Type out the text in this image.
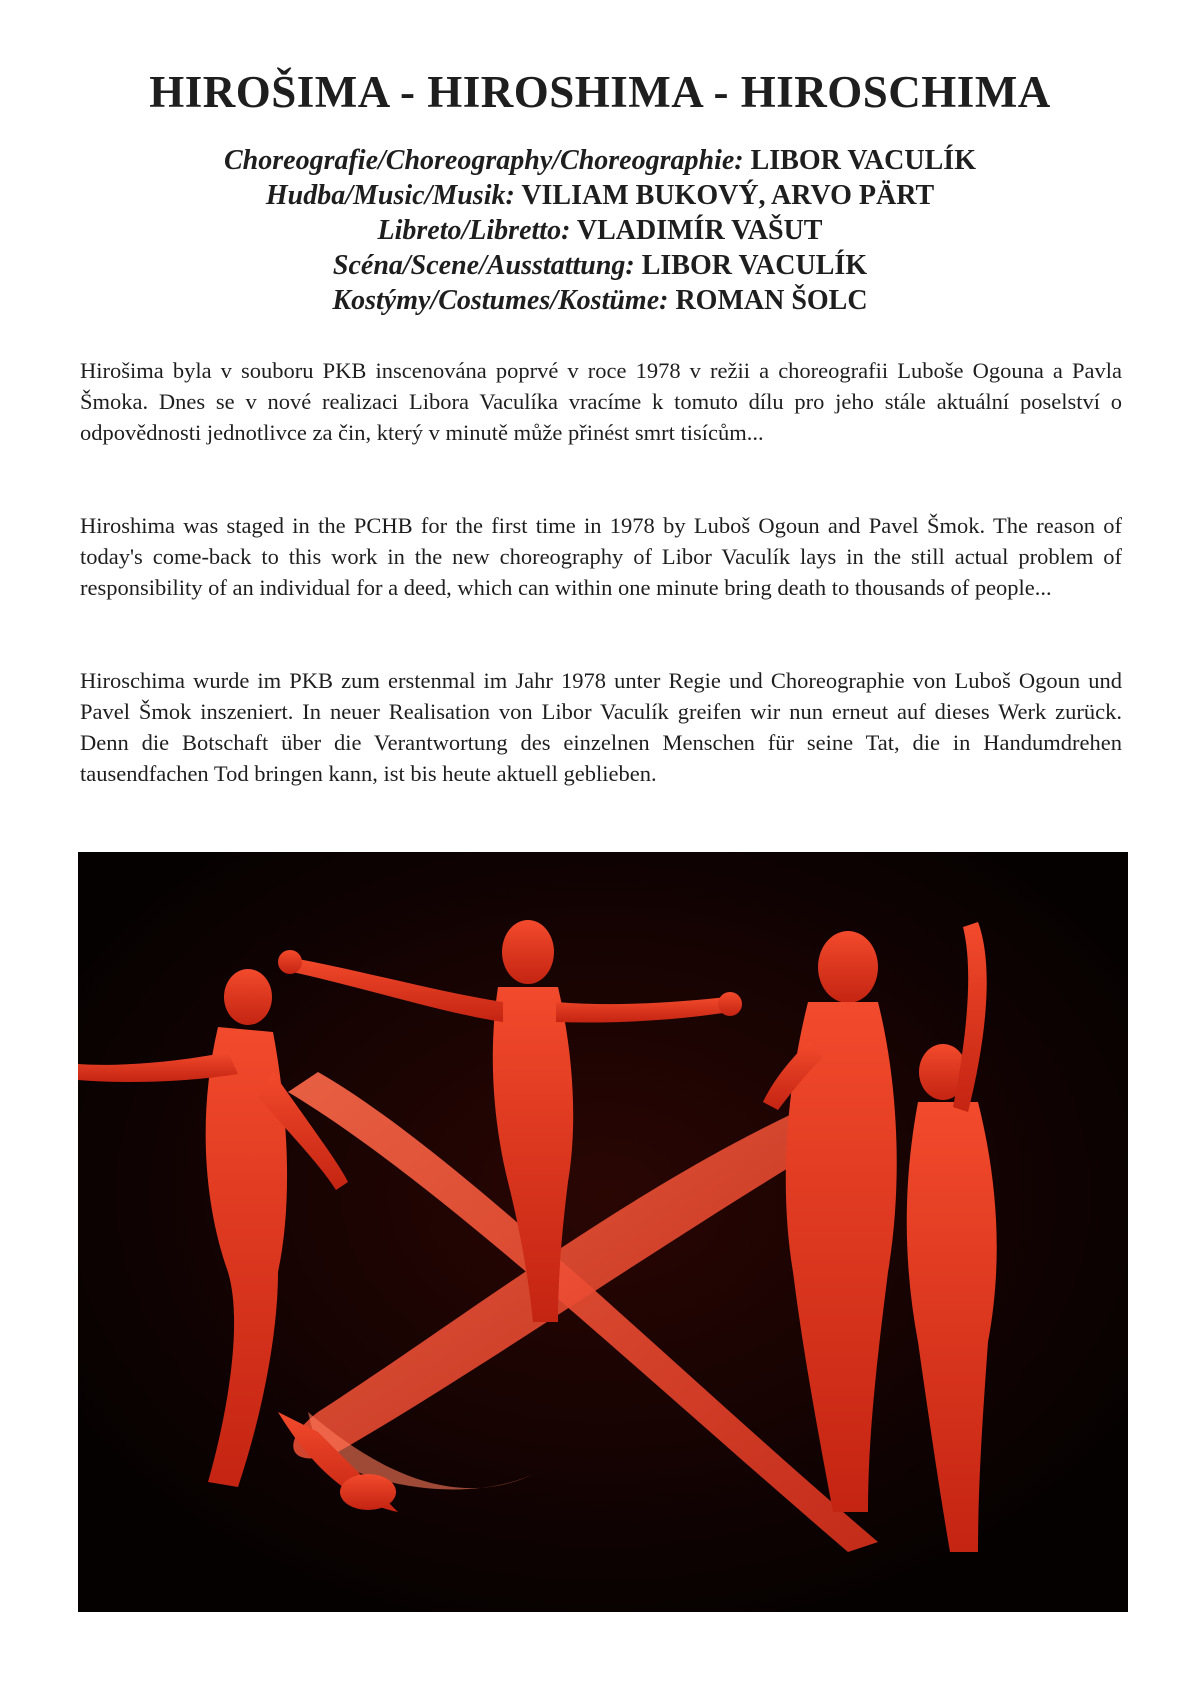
HIROŠIMA - HIROSHIMA - HIROSCHIMA
Choreografie/Choreography/Choreographie: LIBOR VACULÍK
Hudba/Music/Musik: VILIAM BUKOVÝ, ARVO PÄRT
Libreto/Libretto: VLADIMÍR VAŠUT
Scéna/Scene/Ausstattung: LIBOR VACULÍK
Kostýmy/Costumes/Kostüme: ROMAN ŠOLC

Hirošima byla v souboru PKB inscenována poprvé v roce 1978 v režii a choreografii Luboše Ogouna a Pavla Šmoka. Dnes se v nové realizaci Libora Vaculíka vracíme k tomuto dílu pro jeho stále aktuální poselství o odpovědnosti jednotlivce za čin, který v minutě může přinést smrt tisícům...

Hiroshima was staged in the PCHB for the first time in 1978 by Luboš Ogoun and Pavel Šmok. The reason of today's come-back to this work in the new choreography of Libor Vaculík lays in the still actual problem of responsibility of an individual for a deed, which can within one minute bring death to thousands of people...

Hiroschima wurde im PKB zum erstenmal im Jahr 1978 unter Regie und Choreographie von Luboš Ogoun und Pavel Šmok inszeniert. In neuer Realisation von Libor Vaculík greifen wir nun erneut auf dieses Werk zurück. Denn die Botschaft über die Verantwortung des einzelnen Menschen für seine Tat, die in Handumdrehen tausendfachen Tod bringen kann, ist bis heute aktuell geblieben.
